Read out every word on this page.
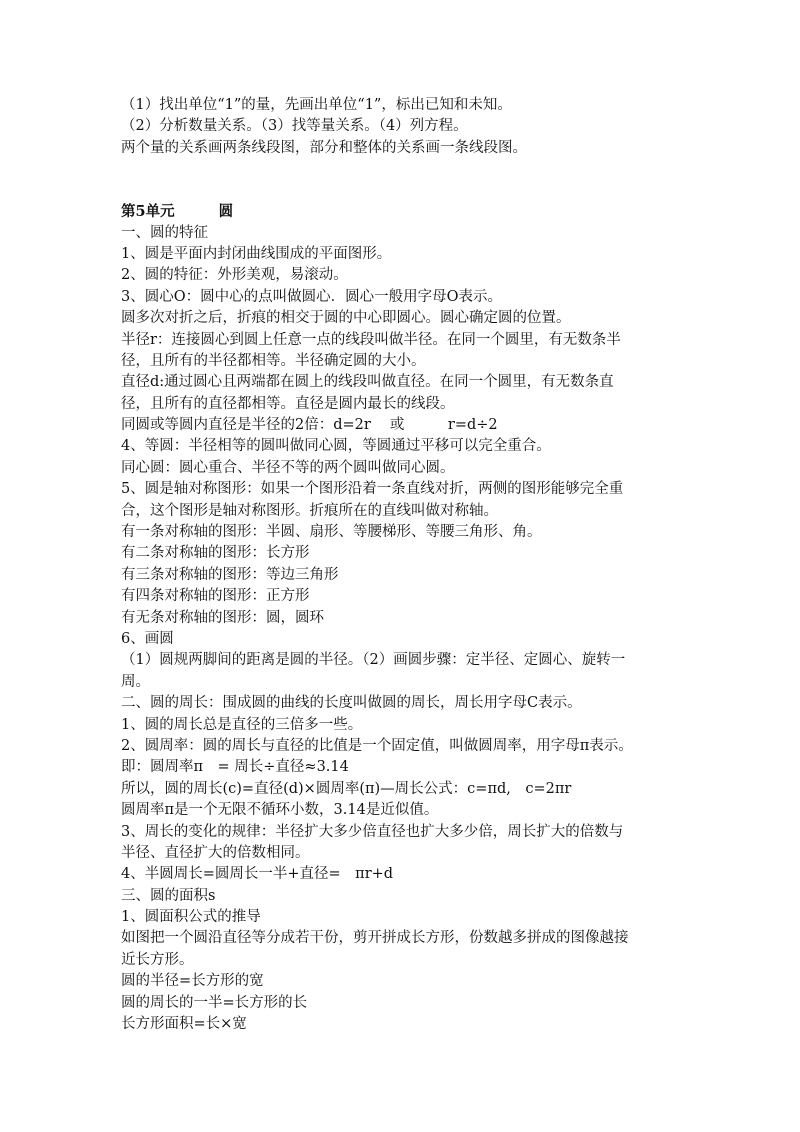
（1）找出单位“1”的量，先画出单位“1”，标出已知和未知。
（2）分析数量关系。（3）找等量关系。（4）列方程。
两个量的关系画两条线段图，部分和整体的关系画一条线段图。
第5单元	圆
一、圆的特征
1、圆是平面内封闭曲线围成的平面图形。
2、圆的特征：外形美观，易滚动。
3、圆心O：圆中心的点叫做圆心．圆心一般用字母O表示。
圆多次对折之后，折痕的相交于圆的中心即圆心。圆心确定圆的位置。
半径r：连接圆心到圆上任意一点的线段叫做半径。在同一个圆里，有无数条半
径，且所有的半径都相等。半径确定圆的大小。
直径d:通过圆心且两端都在圆上的线段叫做直径。在同一个圆里，有无数条直
径，且所有的直径都相等。直径是圆内最长的线段。
同圆或等圆内直径是半径的2倍：d=2r　 或　　　r=d÷2
4、等圆：半径相等的圆叫做同心圆，等圆通过平移可以完全重合。
同心圆：圆心重合、半径不等的两个圆叫做同心圆。
5、圆是轴对称图形：如果一个图形沿着一条直线对折，两侧的图形能够完全重
合，这个图形是轴对称图形。折痕所在的直线叫做对称轴。
有一条对称轴的图形：半圆、扇形、等腰梯形、等腰三角形、角。
有二条对称轴的图形：长方形
有三条对称轴的图形：等边三角形
有四条对称轴的图形：正方形
有无条对称轴的图形：圆，圆环
6、画圆
（1）圆规两脚间的距离是圆的半径。（2）画圆步骤：定半径、定圆心、旋转一
周。
二、圆的周长：围成圆的曲线的长度叫做圆的周长，周长用字母C表示。
1、圆的周长总是直径的三倍多一些。
2、圆周率：圆的周长与直径的比值是一个固定值，叫做圆周率，用字母π表示。
即：圆周率π　= 周长÷直径≈3.14
所以，圆的周长(c)=直径(d)×圆周率(π)—周长公式：c=πd,　c=2πr
圆周率π是一个无限不循环小数，3.14是近似值。
3、周长的变化的规律：半径扩大多少倍直径也扩大多少倍，周长扩大的倍数与
半径、直径扩大的倍数相同。
4、半圆周长=圆周长一半+直径=　πr+d
三、圆的面积s
1、圆面积公式的推导
如图把一个圆沿直径等分成若干份，剪开拼成长方形，份数越多拼成的图像越接
近长方形。
圆的半径=长方形的宽
圆的周长的一半=长方形的长
长方形面积=长×宽
